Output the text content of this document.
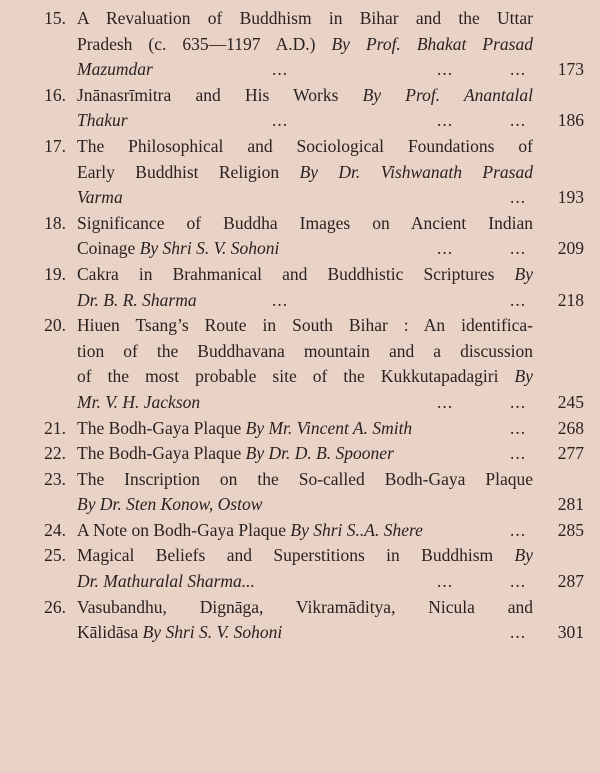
15. A Revaluation of Buddhism in Bihar and the Uttar
Pradesh (c. 635—1197 A.D.) By Prof. Bhakat Prasad
Mazumdar	...	...	...	173
16. Jnānasrīmitra and His Works By Prof. Anantalal
Thakur	...	...	...	186
17. The Philosophical and Sociological Foundations of
Early Buddhist Religion By Dr. Vishwanath Prasad
Varma	...	193
18. Significance of Buddha Images on Ancient Indian
Coinage By Shri S. V. Sohoni	...	...	209
19. Cakra in Brahmanical and Buddhistic Scriptures By
Dr. B. R. Sharma	...	...	218
20. Hiuen Tsang’s Route in South Bihar : An identifica-
tion of the Buddhavana mountain and a discussion
of the most probable site of the Kukkutapadagiri By
Mr. V. H. Jackson	...	...	245
21. The Bodh-Gaya Plaque By Mr. Vincent A. Smith	...	268
22. The Bodh-Gaya Plaque By Dr. D. B. Spooner	...	277
23. The Inscription on the So-called Bodh-Gaya Plaque
By Dr. Sten Konow, Ostow	281
24. A Note on Bodh-Gaya Plaque By Shri S..A. Shere	...	285
25. Magical Beliefs and Superstitions in Buddhism By
Dr. Mathuralal Sharma...	...	...	287
26. Vasubandhu, Dignāga, Vikramāditya, Nicula and
Kālidāsa By Shri S. V. Sohoni	...	301
